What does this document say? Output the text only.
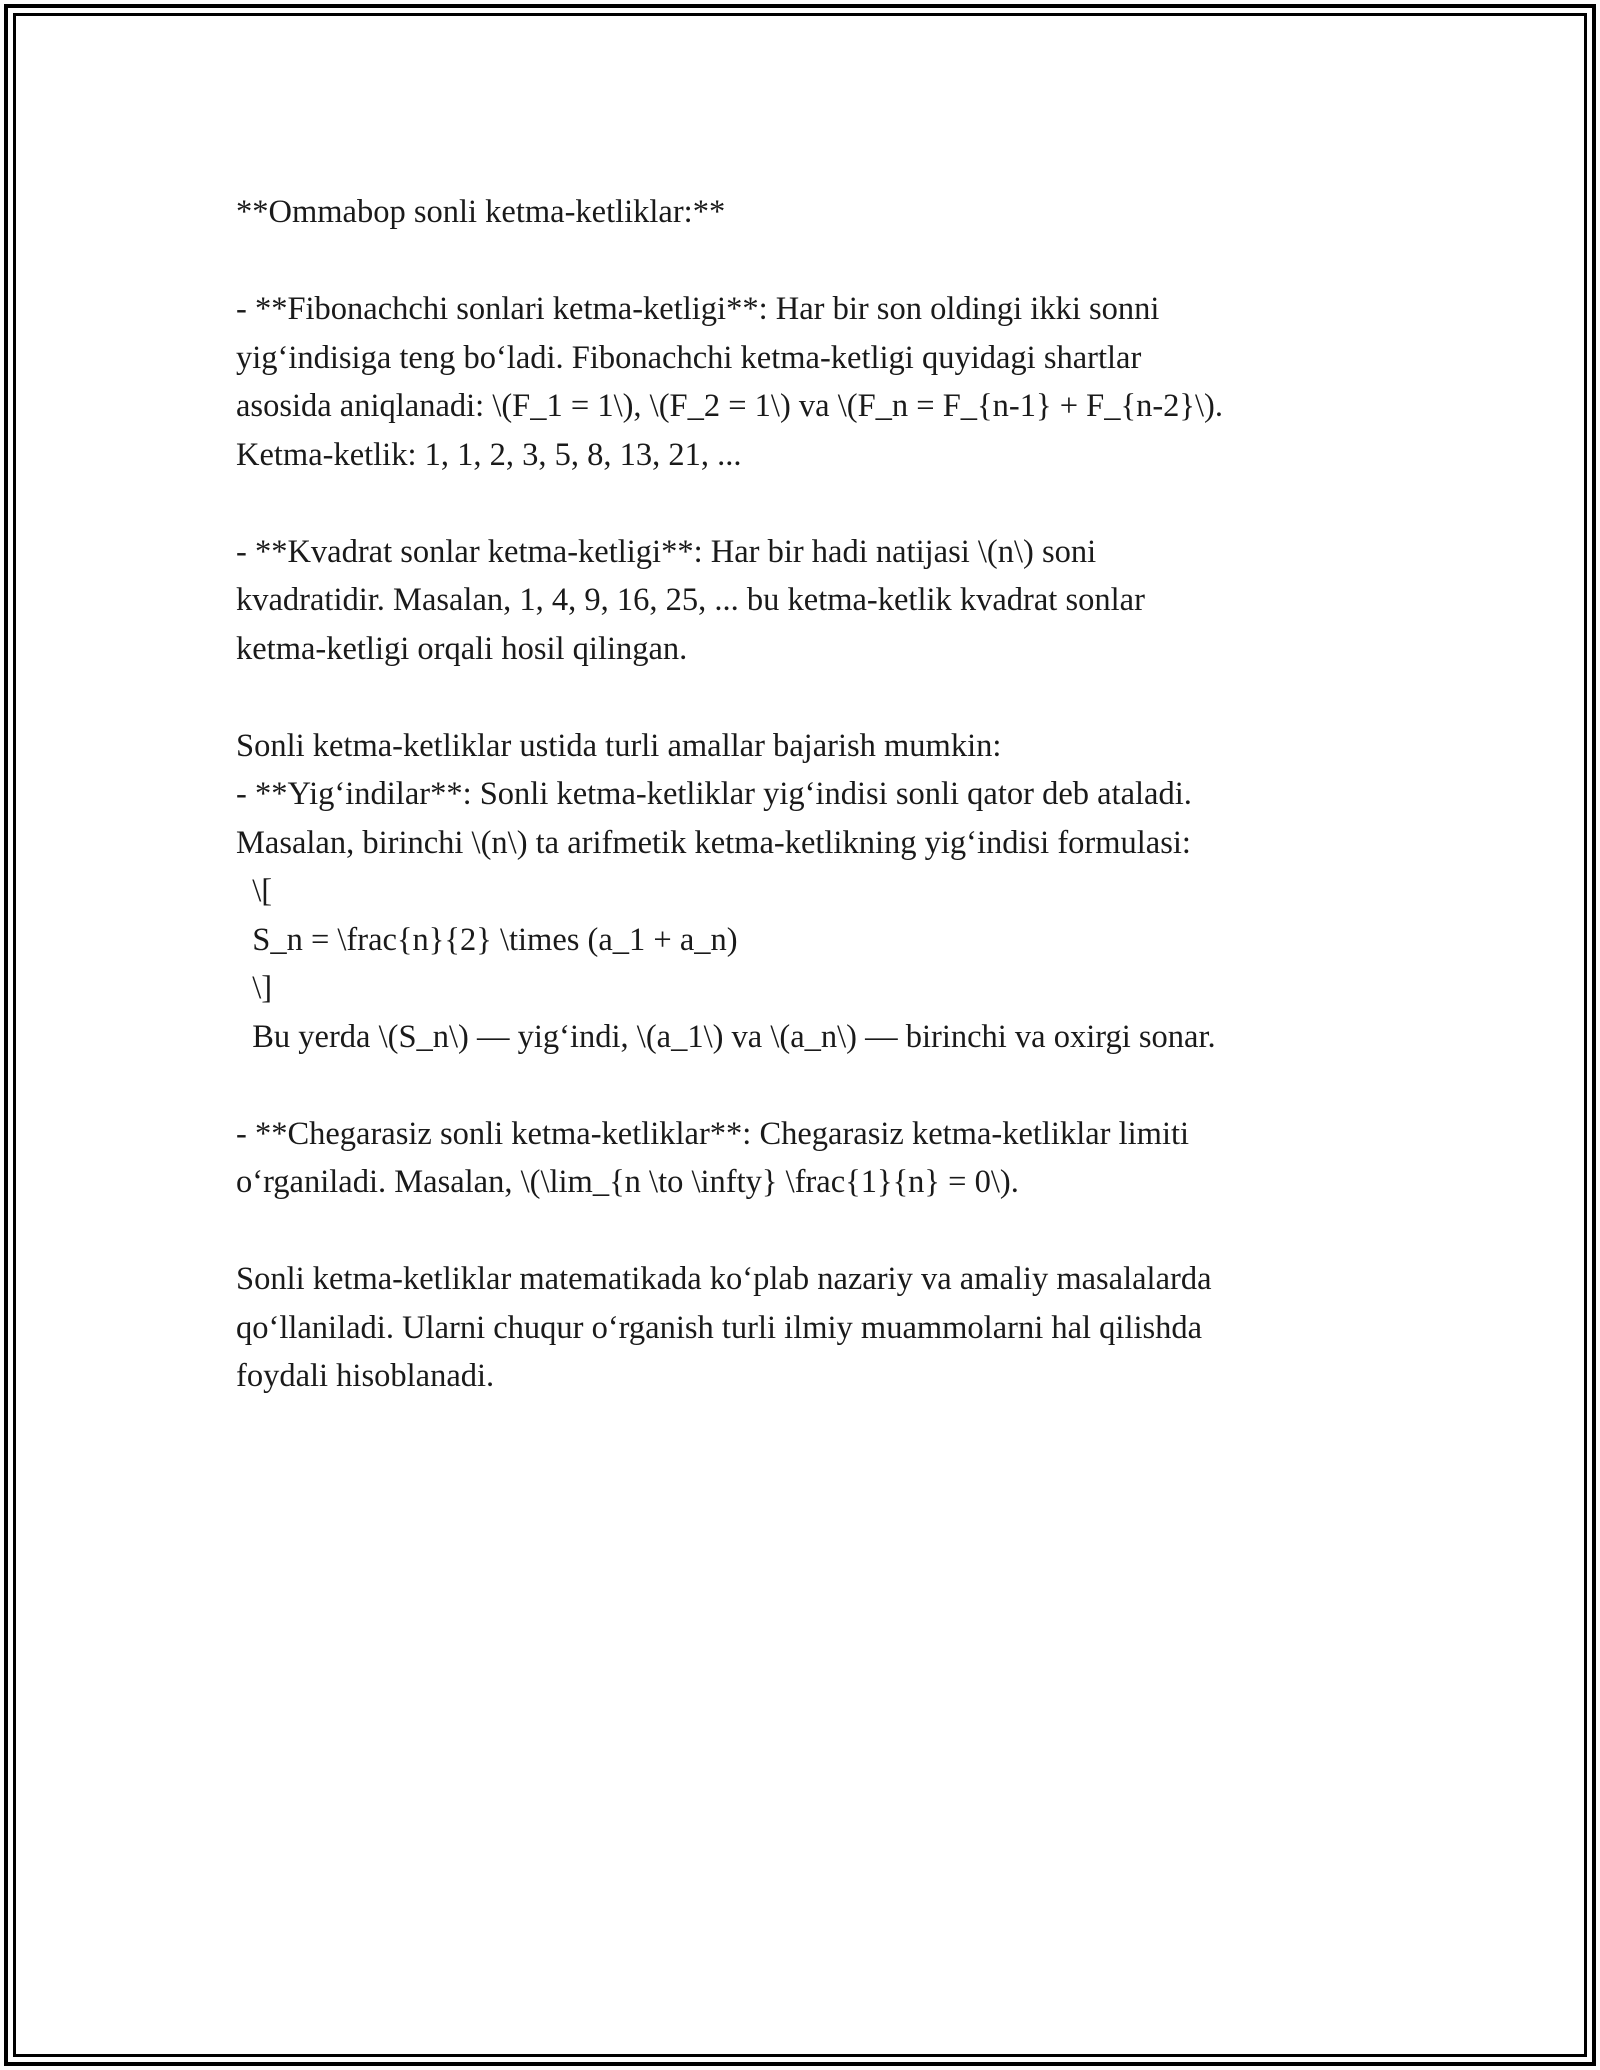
**Ommabop sonli ketma-ketliklar:**
- **Fibonachchi sonlari ketma-ketligi**: Har bir son oldingi ikki sonni
yig‘indisiga teng bo‘ladi. Fibonachchi ketma-ketligi quyidagi shartlar
asosida aniqlanadi: \(F_1 = 1\), \(F_2 = 1\) va \(F_n = F_{n-1} + F_{n-2}\).
Ketma-ketlik: 1, 1, 2, 3, 5, 8, 13, 21, ...
- **Kvadrat sonlar ketma-ketligi**: Har bir hadi natijasi \(n\) soni
kvadratidir. Masalan, 1, 4, 9, 16, 25, ... bu ketma-ketlik kvadrat sonlar
ketma-ketligi orqali hosil qilingan.
Sonli ketma-ketliklar ustida turli amallar bajarish mumkin:
- **Yig‘indilar**: Sonli ketma-ketliklar yig‘indisi sonli qator deb ataladi.
Masalan, birinchi \(n\) ta arifmetik ketma-ketlikning yig‘indisi formulasi:
\[
S_n = \frac{n}{2} \times (a_1 + a_n)
\]
Bu yerda \(S_n\) — yig‘indi, \(a_1\) va \(a_n\) — birinchi va oxirgi sonar.
- **Chegarasiz sonli ketma-ketliklar**: Chegarasiz ketma-ketliklar limiti
o‘rganiladi. Masalan, \(\lim_{n \to \infty} \frac{1}{n} = 0\).
Sonli ketma-ketliklar matematikada ko‘plab nazariy va amaliy masalalarda
qo‘llaniladi. Ularni chuqur o‘rganish turli ilmiy muammolarni hal qilishda
foydali hisoblanadi.
